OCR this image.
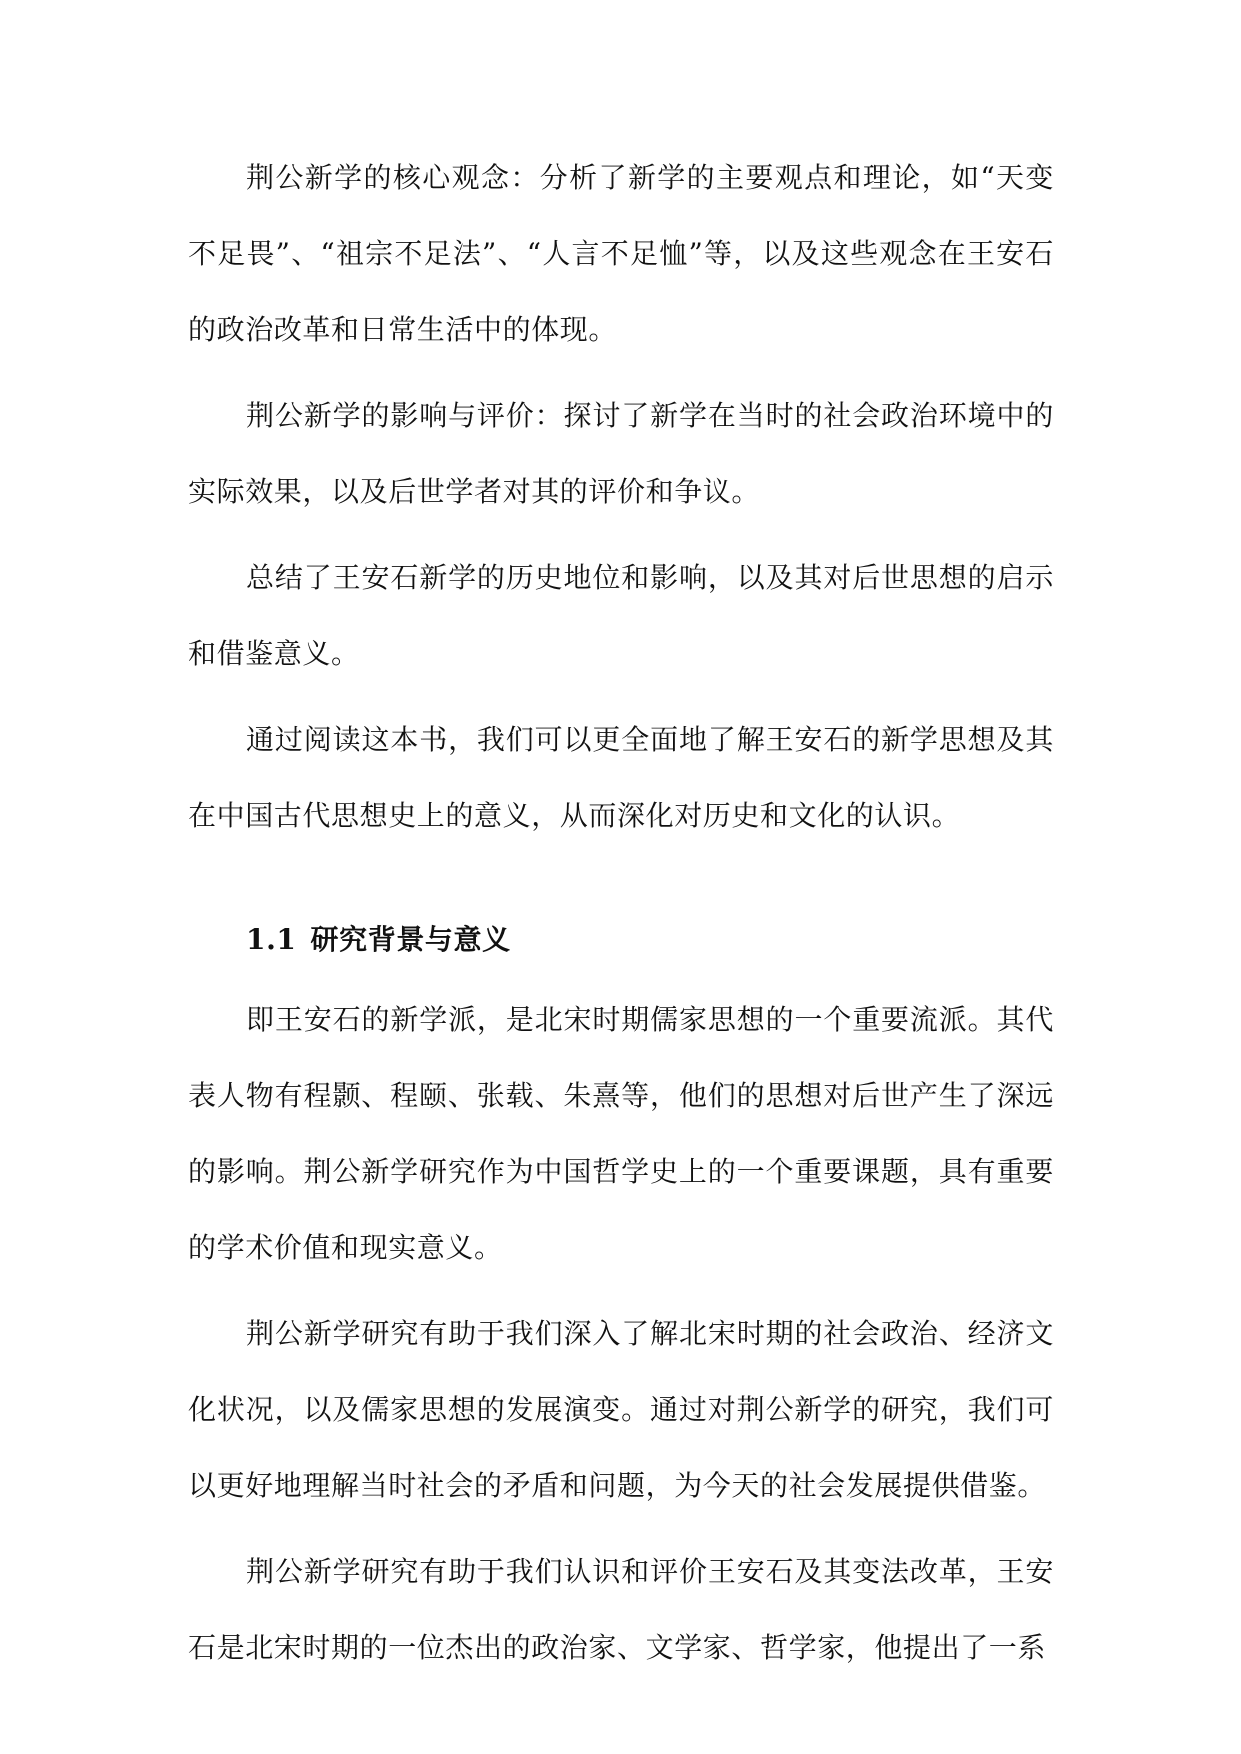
荆公新学的核心观念：分析了新学的主要观点和理论，如“天变不足畏”、“祖宗不足法”、“人言不足恤”等，以及这些观念在王安石的政治改革和日常生活中的体现。

荆公新学的影响与评价：探讨了新学在当时的社会政治环境中的实际效果，以及后世学者对其的评价和争议。

总结了王安石新学的历史地位和影响，以及其对后世思想的启示和借鉴意义。

通过阅读这本书，我们可以更全面地了解王安石的新学思想及其在中国古代思想史上的意义，从而深化对历史和文化的认识。

1.1 研究背景与意义

即王安石的新学派，是北宋时期儒家思想的一个重要流派。其代表人物有程颢、程颐、张载、朱熹等，他们的思想对后世产生了深远的影响。荆公新学研究作为中国哲学史上的一个重要课题，具有重要的学术价值和现实意义。

荆公新学研究有助于我们深入了解北宋时期的社会政治、经济文化状况，以及儒家思想的发展演变。通过对荆公新学的研究，我们可以更好地理解当时社会的矛盾和问题，为今天的社会发展提供借鉴。

荆公新学研究有助于我们认识和评价王安石及其变法改革，王安石是北宋时期的一位杰出的政治家、文学家、哲学家，他提出了一系
